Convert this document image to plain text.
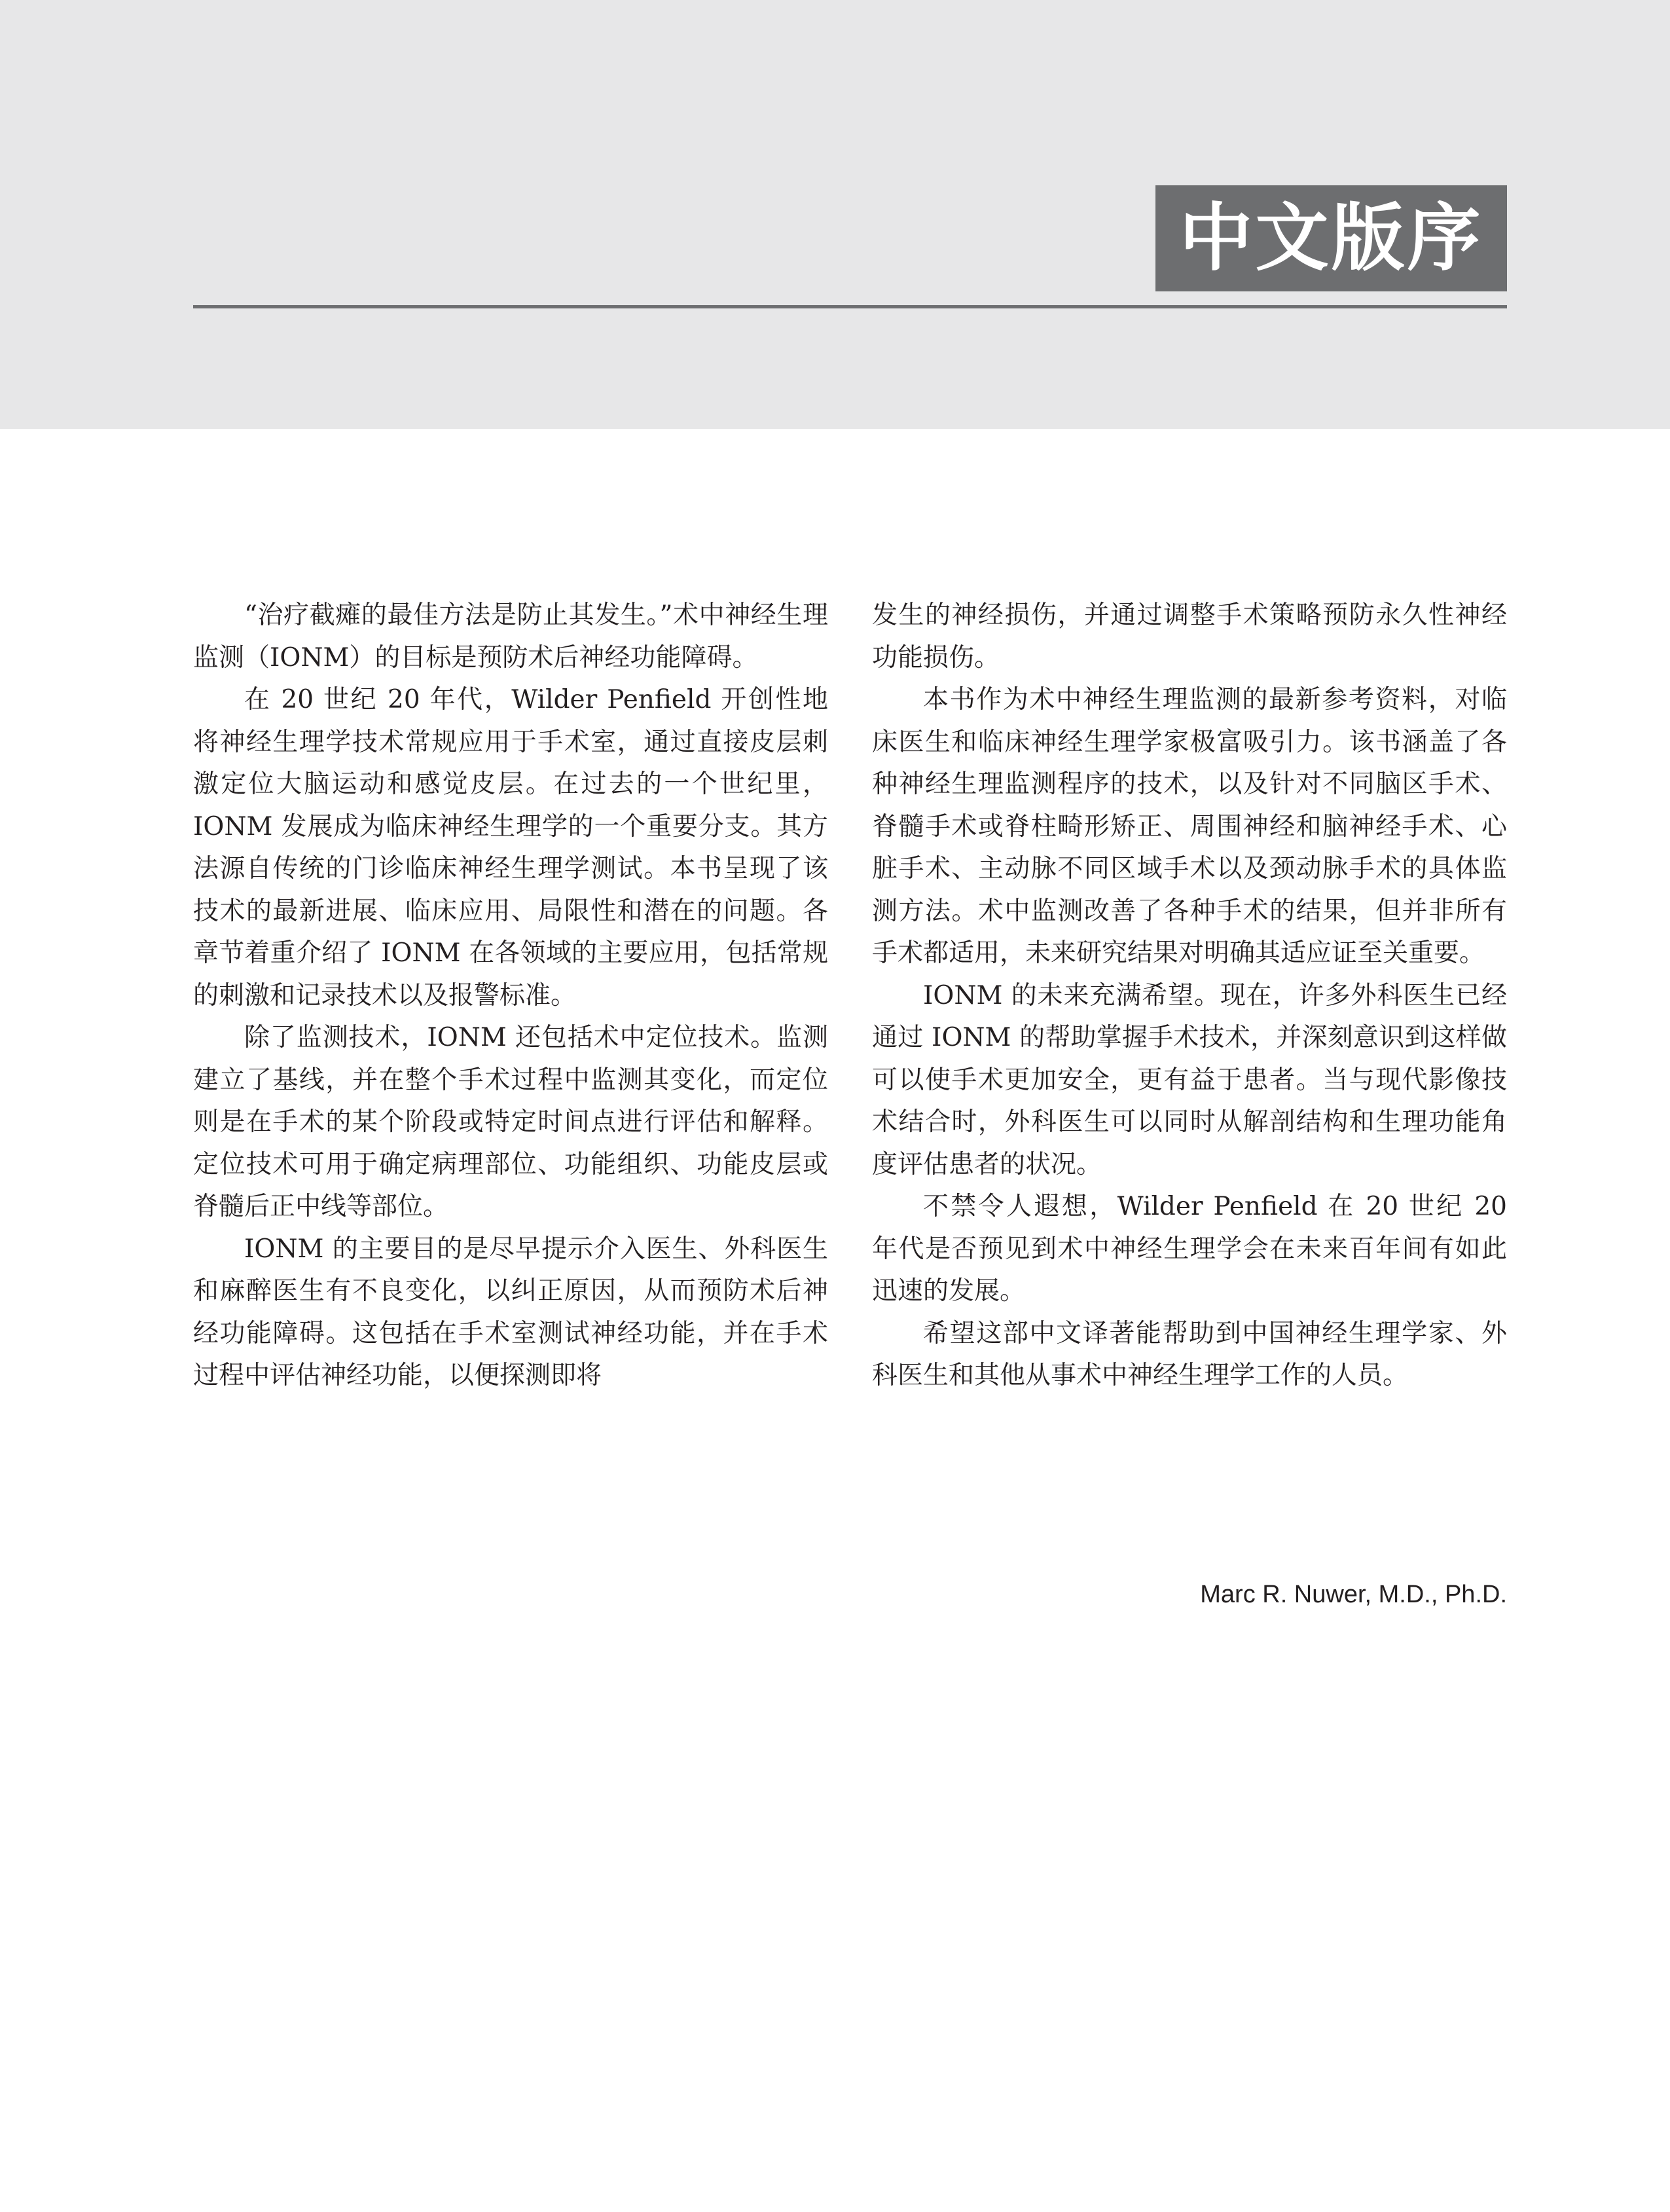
中文版序

“治疗截瘫的最佳方法是防止其发生。”术中神经生理监测（IONM）的目标是预防术后神经功能障碍。

在 20 世纪 20 年代，Wilder Penfield 开创性地将神经生理学技术常规应用于手术室，通过直接皮层刺激定位大脑运动和感觉皮层。在过去的一个世纪里，IONM 发展成为临床神经生理学的一个重要分支。其方法源自传统的门诊临床神经生理学测试。本书呈现了该技术的最新进展、临床应用、局限性和潜在的问题。各章节着重介绍了 IONM 在各领域的主要应用，包括常规的刺激和记录技术以及报警标准。

除了监测技术，IONM 还包括术中定位技术。监测建立了基线，并在整个手术过程中监测其变化，而定位则是在手术的某个阶段或特定时间点进行评估和解释。定位技术可用于确定病理部位、功能组织、功能皮层或脊髓后正中线等部位。

IONM 的主要目的是尽早提示介入医生、外科医生和麻醉医生有不良变化，以纠正原因，从而预防术后神经功能障碍。这包括在手术室测试神经功能，并在手术过程中评估神经功能，以便探测即将

发生的神经损伤，并通过调整手术策略预防永久性神经功能损伤。

本书作为术中神经生理监测的最新参考资料，对临床医生和临床神经生理学家极富吸引力。该书涵盖了各种神经生理监测程序的技术，以及针对不同脑区手术、脊髓手术或脊柱畸形矫正、周围神经和脑神经手术、心脏手术、主动脉不同区域手术以及颈动脉手术的具体监测方法。术中监测改善了各种手术的结果，但并非所有手术都适用，未来研究结果对明确其适应证至关重要。

IONM 的未来充满希望。现在，许多外科医生已经通过 IONM 的帮助掌握手术技术，并深刻意识到这样做可以使手术更加安全，更有益于患者。当与现代影像技术结合时，外科医生可以同时从解剖结构和生理功能角度评估患者的状况。

不禁令人遐想，Wilder Penfield 在 20 世纪 20 年代是否预见到术中神经生理学会在未来百年间有如此迅速的发展。

希望这部中文译著能帮助到中国神经生理学家、外科医生和其他从事术中神经生理学工作的人员。

Marc R. Nuwer, M.D., Ph.D.
